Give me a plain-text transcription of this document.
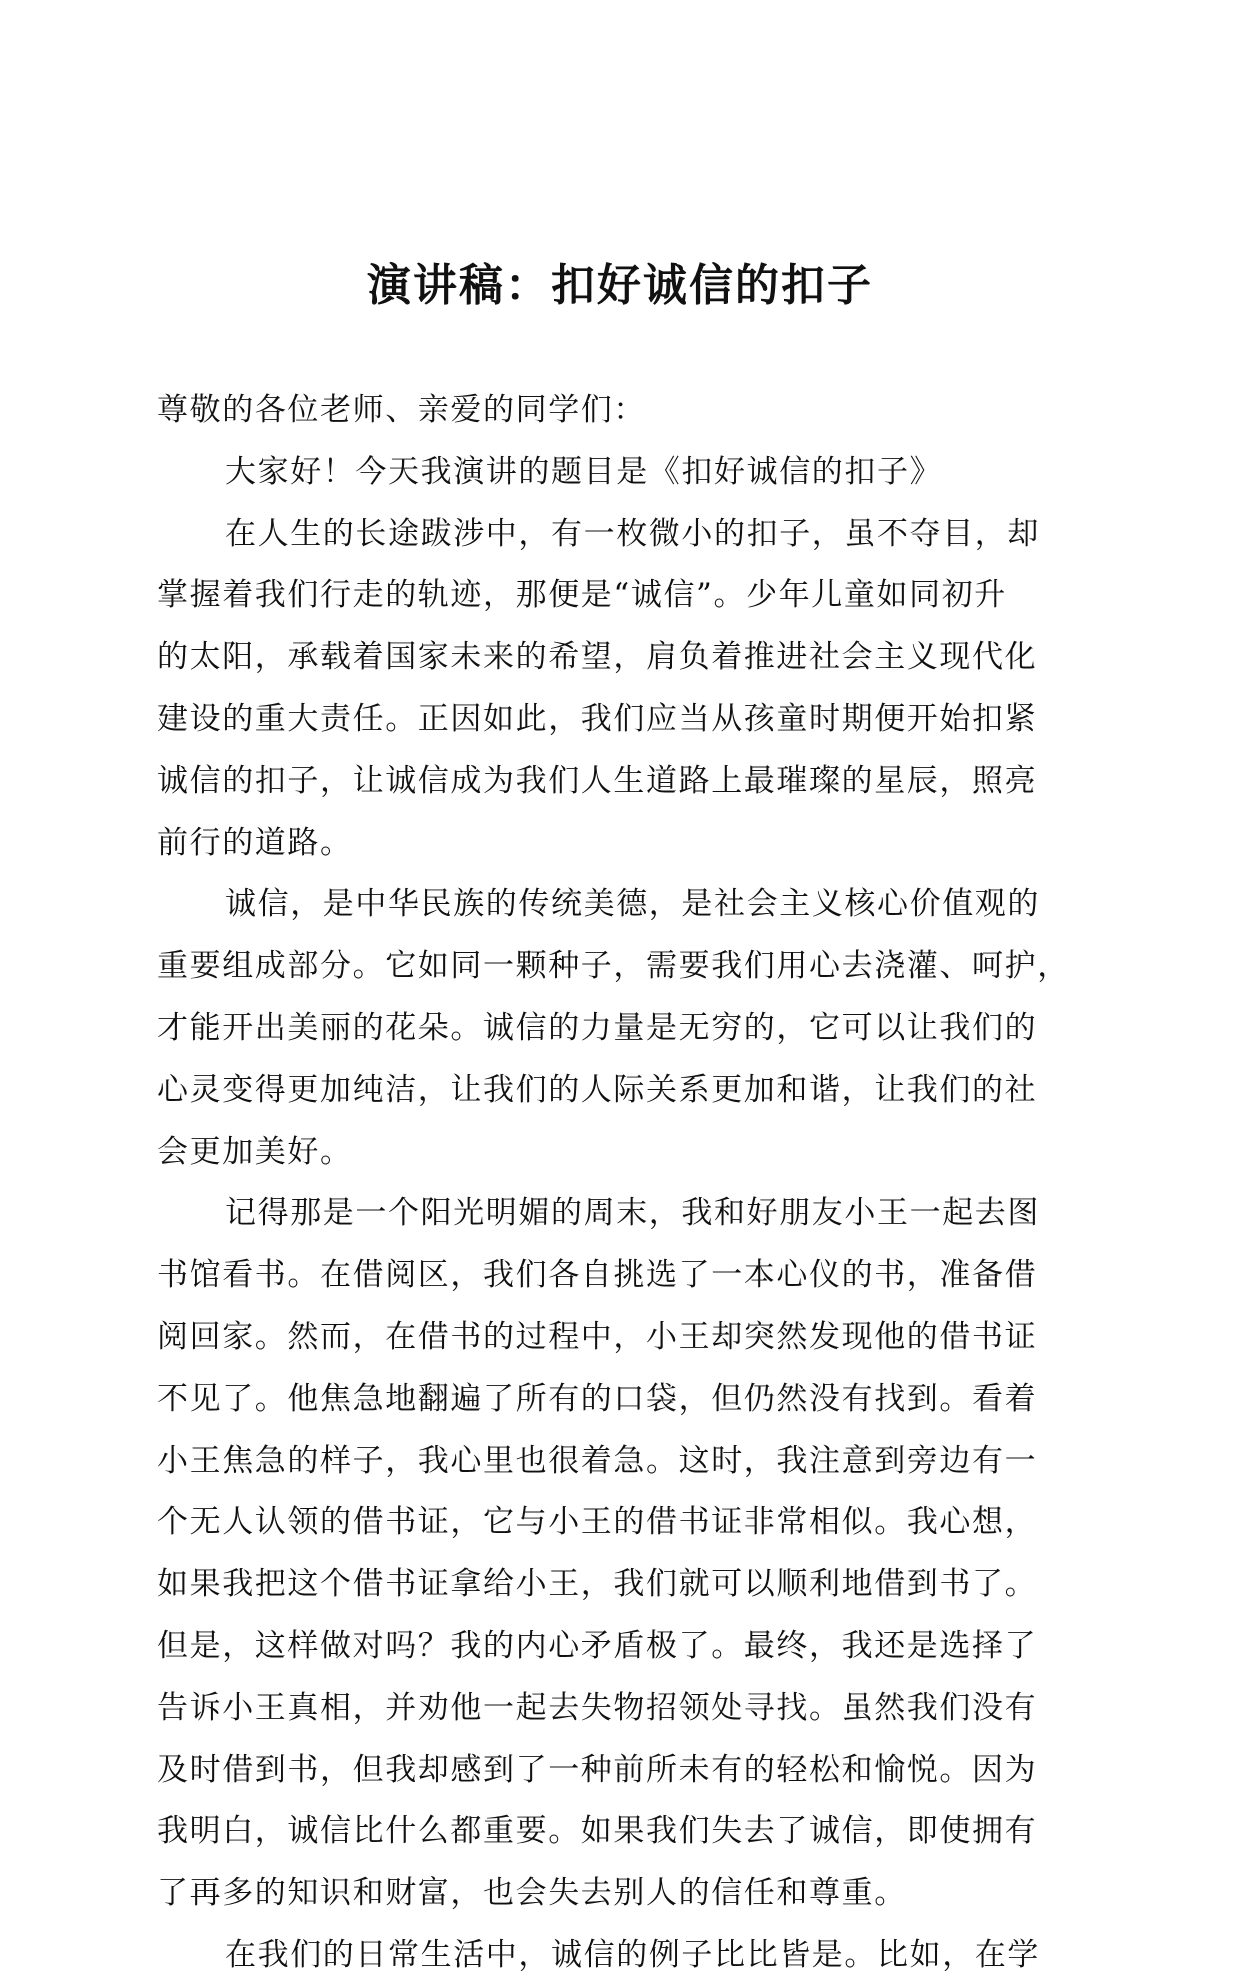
演讲稿：扣好诚信的扣子
尊敬的各位老师、亲爱的同学们：
大家好！今天我演讲的题目是《扣好诚信的扣子》
在人生的长途跋涉中，有一枚微小的扣子，虽不夺目，却
掌握着我们行走的轨迹，那便是“诚信”。少年儿童如同初升
的太阳，承载着国家未来的希望，肩负着推进社会主义现代化
建设的重大责任。正因如此，我们应当从孩童时期便开始扣紧
诚信的扣子，让诚信成为我们人生道路上最璀璨的星辰，照亮
前行的道路。
诚信，是中华民族的传统美德，是社会主义核心价值观的
重要组成部分。它如同一颗种子，需要我们用心去浇灌、呵护，
才能开出美丽的花朵。诚信的力量是无穷的，它可以让我们的
心灵变得更加纯洁，让我们的人际关系更加和谐，让我们的社
会更加美好。
记得那是一个阳光明媚的周末，我和好朋友小王一起去图
书馆看书。在借阅区，我们各自挑选了一本心仪的书，准备借
阅回家。然而，在借书的过程中，小王却突然发现他的借书证
不见了。他焦急地翻遍了所有的口袋，但仍然没有找到。看着
小王焦急的样子，我心里也很着急。这时，我注意到旁边有一
个无人认领的借书证，它与小王的借书证非常相似。我心想，
如果我把这个借书证拿给小王，我们就可以顺利地借到书了。
但是，这样做对吗？我的内心矛盾极了。最终，我还是选择了
告诉小王真相，并劝他一起去失物招领处寻找。虽然我们没有
及时借到书，但我却感到了一种前所未有的轻松和愉悦。因为
我明白，诚信比什么都重要。如果我们失去了诚信，即使拥有
了再多的知识和财富，也会失去别人的信任和尊重。
在我们的日常生活中，诚信的例子比比皆是。比如，在学
